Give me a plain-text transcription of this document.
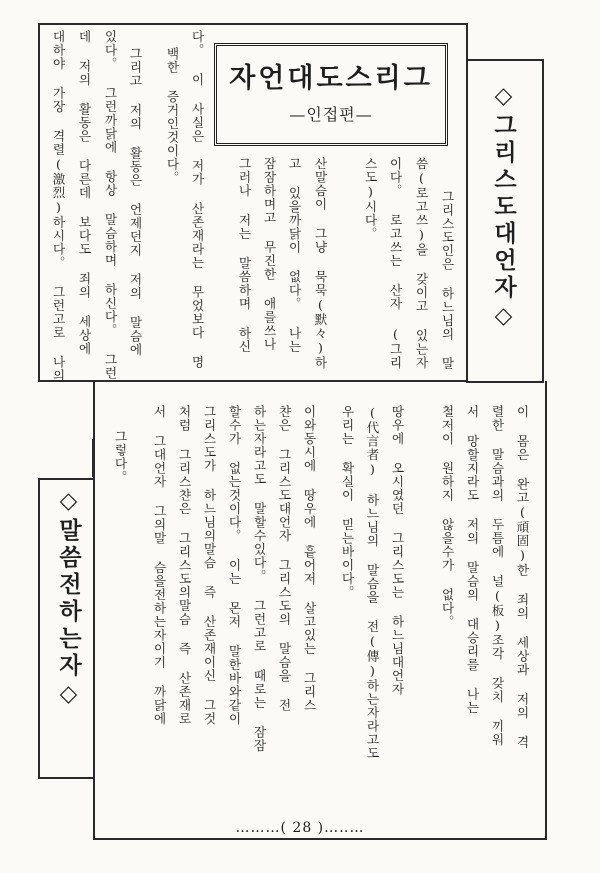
자언대도스리그
—인접편—	◇그리스도대언자◇
◇말씀전하는자◇
그리스도인은 하느님의 말
씀(로고쓰)을 갖이고 있는자
이다。 로고쓰는 산자 (그리
스도)시다。
산말슴이 그냥 묵묵(默々)하
고 있을까닭이 없다。 나는
잠잠하며고 무진한 애를쓰나
그러나 저는 말씀하며 하신
다。 이 사실은 저가 산존재라는 무었보다 명
백한 증거인것이다。
그리고 저의 활동은 언제던지 저의 말슴에
있다。 그런까닭에 항상 말슴하며 하신다。 그런
데 저의 활동은 다른데 보다도 죄의 세상에
대하야 가장 격렬(激烈)하시다。 그런고로 나의
이 몸은 완고(頑固)한 죄의 세상과 저의 격
렬한 말슴과의 두틈에 널(板)조각 갖치 끼워
서 망할지라도 저의 말슴의 대승리를 나는
철저이 원하지 않을수가 없다。
땅우에 오시였던 그리스도는 하느님대언자
(代言者) 하느님의 말슴을 전(傳)하는자라고도
우리는 확실이 믿는바이다。
이와동시에 땅우에 흩어저 살고있는 그리스
챤은 그리스도대언자 그리스도의 말슴을 전
하는자라고도 말할수있다。 그런고로 때로는 잠잠
할수가 없는것이다。 이는 몬저 말한바와같이
그리스도가 하느님의말슴 즉 산존재이신 그것
처럼 그리스챤은 그리스도의말슴 즉 산존재로
서 그대언자 그의말 슴을전하는자이기 까닭에
그렇다。
………( 28 )…‥…
